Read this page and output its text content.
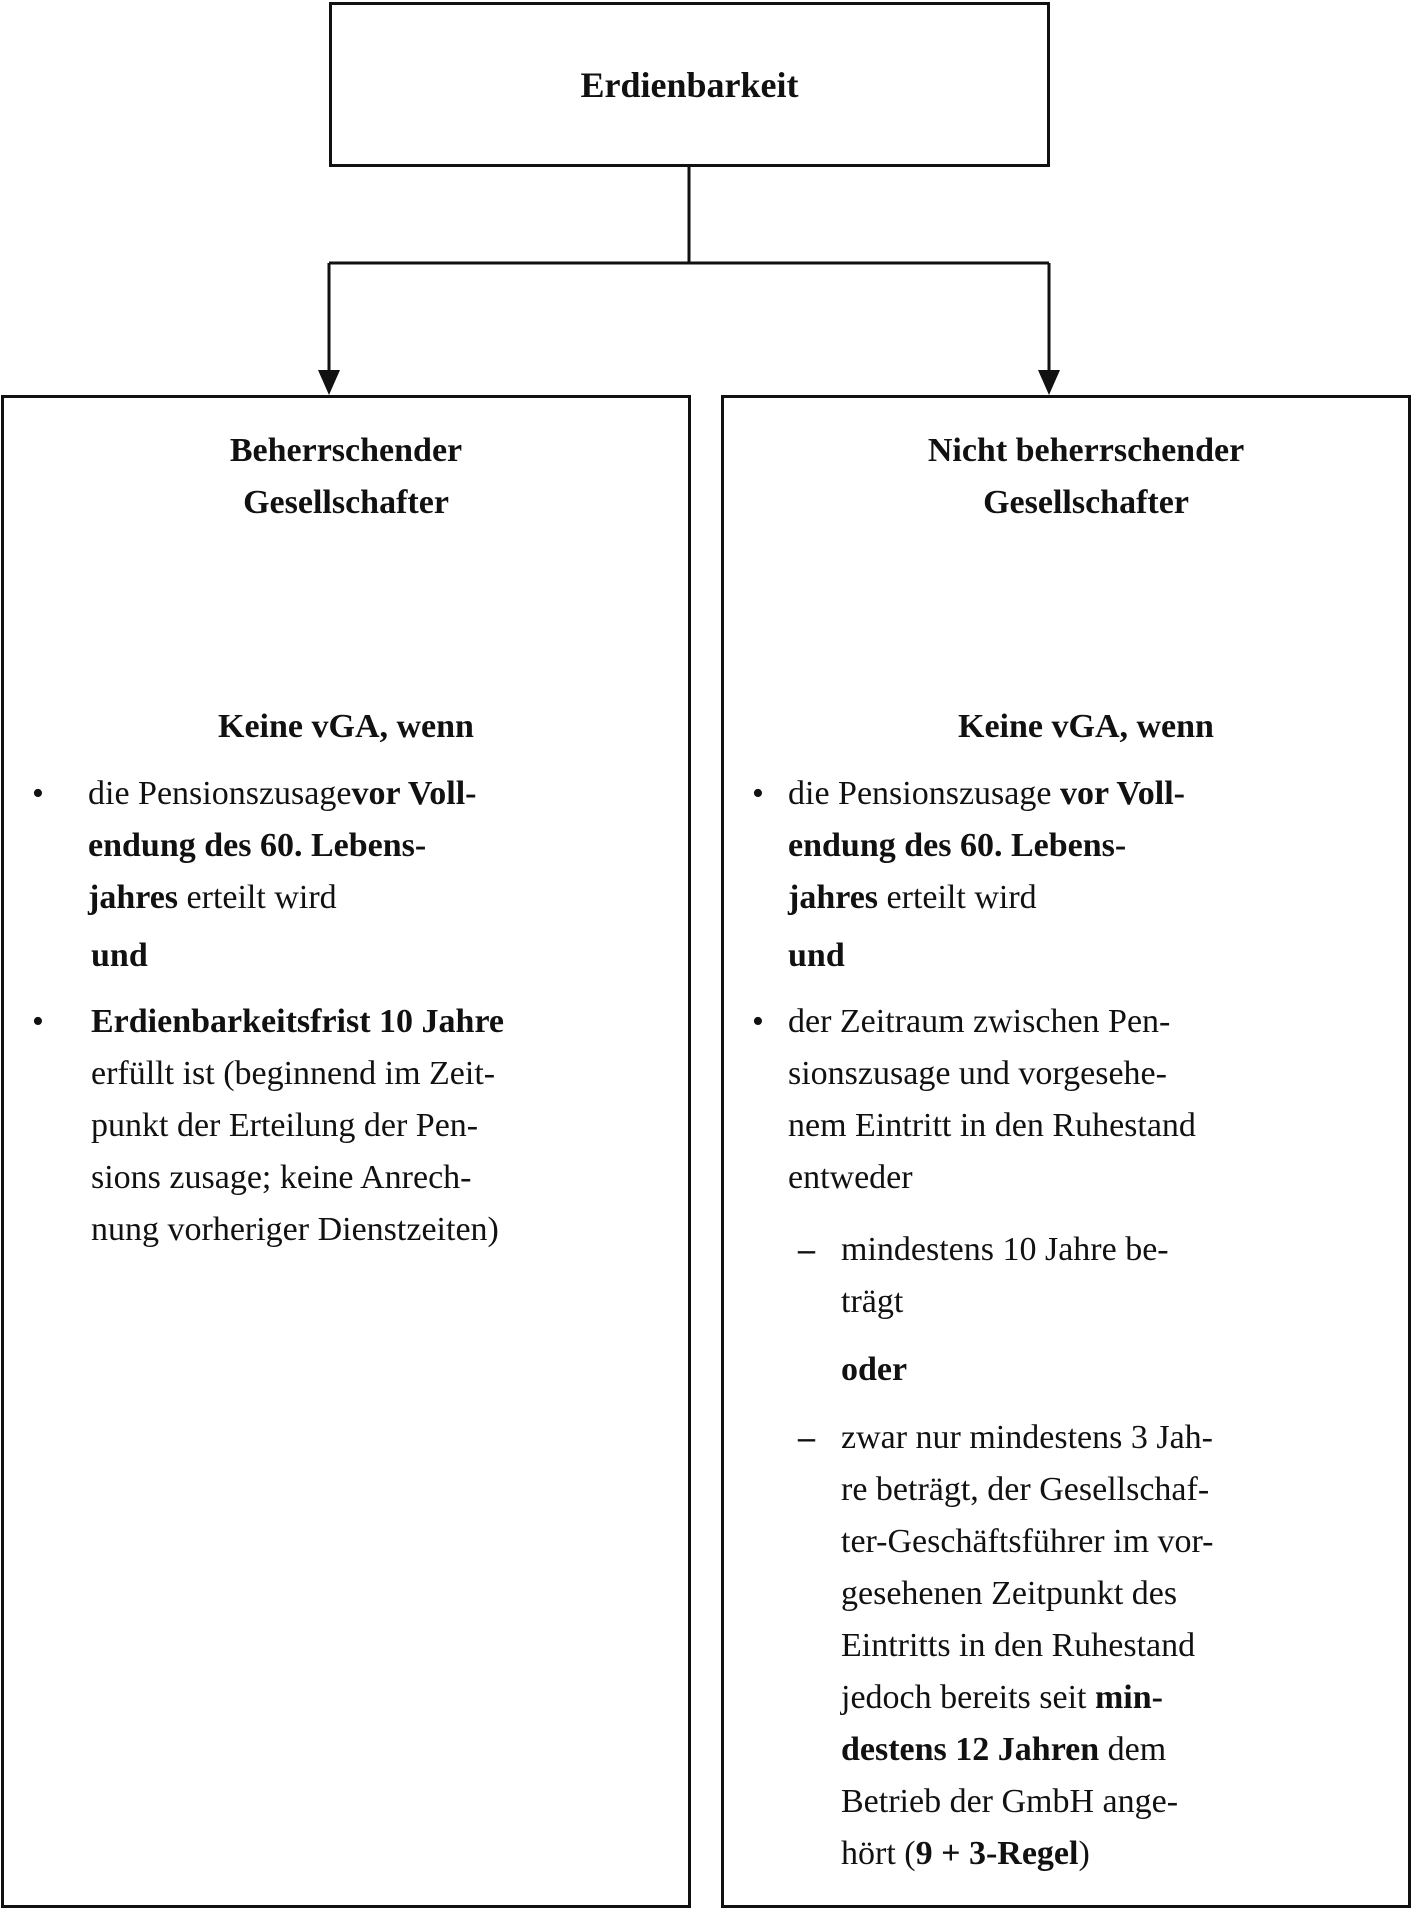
Erdienbarkeit
Beherrschender
Gesellschafter
Keine vGA, wenn
• die Pensionszusagevor Voll-
endung des 60. Lebens-
jahres erteilt wird
und
• Erdienbarkeitsfrist 10 Jahre
erfüllt ist (beginnend im Zeit-
punkt der Erteilung der Pen-
sions zusage; keine Anrech-
nung vorheriger Dienstzeiten)
Nicht beherrschender
Gesellschafter
Keine vGA, wenn
• die Pensionszusage vor Voll-
endung des 60. Lebens-
jahres erteilt wird
und
• der Zeitraum zwischen Pen-
sionszusage und vorgesehe-
nem Eintritt in den Ruhestand
entweder
– mindestens 10 Jahre be-
trägt
oder
– zwar nur mindestens 3 Jah-
re beträgt, der Gesellschaf-
ter-Geschäftsführer im vor-
gesehenen Zeitpunkt des
Eintritts in den Ruhestand
jedoch bereits seit min-
destens 12 Jahren dem
Betrieb der GmbH ange-
hört (9 + 3-Regel)
